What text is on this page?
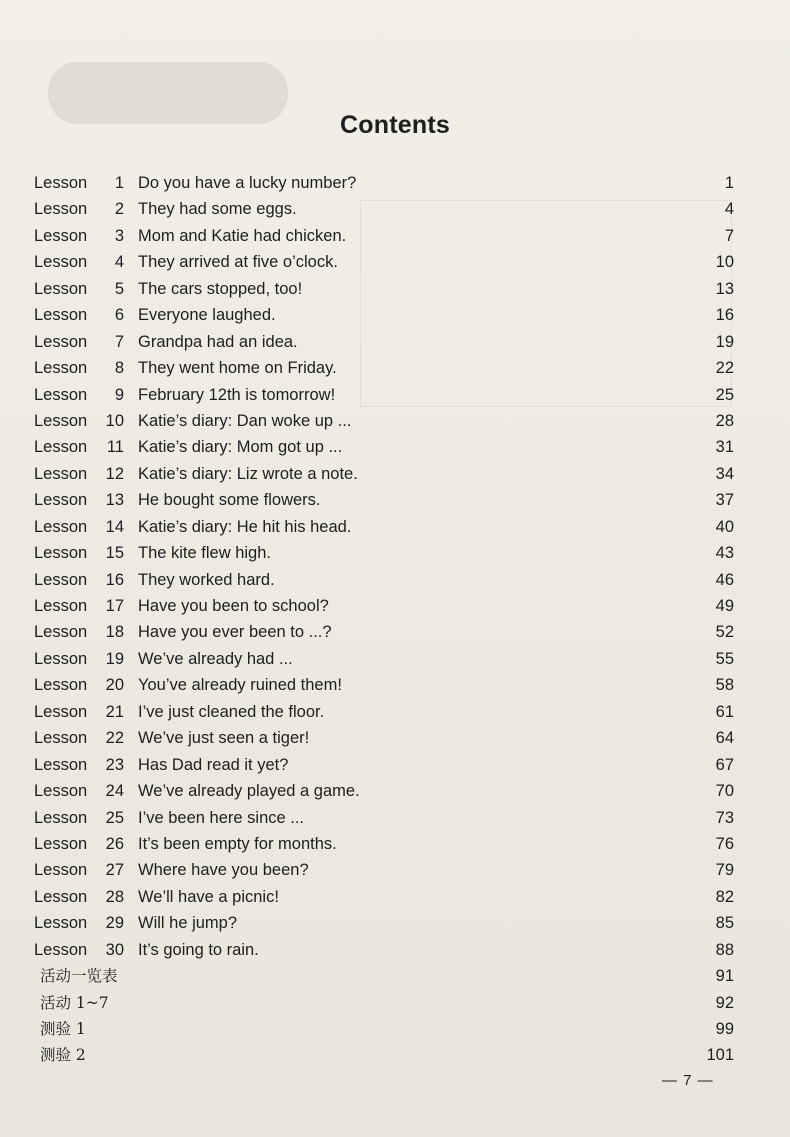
Contents
Lesson	1 Do you have a lucky number?	1
Lesson	2 They had some eggs.	4
Lesson	3 Mom and Katie had chicken.	7
Lesson	4 They arrived at five o’clock.	10
Lesson	5 The cars stopped, too!	13
Lesson	6 Everyone laughed.	16
Lesson	7 Grandpa had an idea.	19
Lesson	8 They went home on Friday.	22
Lesson	9 February 12th is tomorrow!	25
Lesson	10 Katie’s diary: Dan woke up ...	28
Lesson	11 Katie’s diary: Mom got up ...	31
Lesson	12 Katie’s diary: Liz wrote a note.	34
Lesson	13 He bought some flowers.	37
Lesson	14 Katie’s diary: He hit his head.	40
Lesson	15 The kite flew high.	43
Lesson	16 They worked hard.	46
Lesson	17 Have you been to school?	49
Lesson	18 Have you ever been to ...?	52
Lesson	19 We’ve already had ...	55
Lesson	20 You’ve already ruined them!	58
Lesson	21 I’ve just cleaned the floor.	61
Lesson	22 We’ve just seen a tiger!	64
Lesson	23 Has Dad read it yet?	67
Lesson	24 We’ve already played a game.	70
Lesson	25 I’ve been here since ...	73
Lesson	26 It’s been empty for months.	76
Lesson	27 Where have you been?	79
Lesson	28 We’ll have a picnic!	82
Lesson	29 Will he jump?	85
Lesson	30 It’s going to rain.	88
活动一览表	91
活动 1~7	92
测验 1	99
测验 2	101
— 7 —
